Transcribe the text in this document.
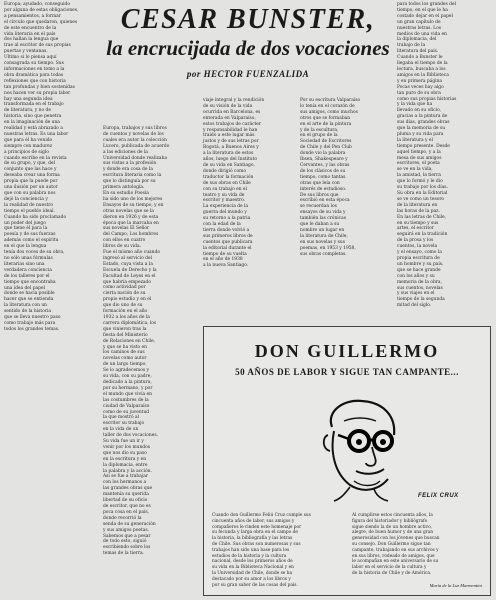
Europa; ayudado, conseguido
por alguna de estas obligaciones,
a pensamientos, a formar
el círculo que quedaron, quienes
de este encuentro de la
vida literaria en el país
dos hallan la lengua que
trae al escritor de sus propias
puertas y ventanas.
Ultimo si lo piensa aquí
consagrada su tiempo. Sus
informaciones en tomo a la
obra dramática para todas
reflexiones que con historia
tan profundas y bien sostenidas
nos hacen ver su propia labor
hay una segunda idea
transformada en el trabajo
de literatura, y no de
historia, sino que penetra
en la imaginación de una
realidad y está abrazado a
nuestras letras. Es una labor
que para él ha venido
siempre con madurez
a principios de siglo
cuando escribe en la revista
de su grupo, y que, del
conjunto que las hace y
deseaba crear una forma
propia que la puede por
una ilusión por un autor
que con su palabra nos
dejó la conciencia y
la realidad de nuestro
tiempo el pueblo ideal.
Cuando ha sido proclamado
un poder del juego
que tiene él para la
poesía y de sus fuerzas
además como el espíritu
en el que la lengua
tenía dos voces de su obra,
no sólo unas fórmulas
literarias sino una
verdadera conciencia
de los talleres por el
tiempo que encontraba
una idea del papel
donde se hacía posible
hacer que se entienda
la literatura con un
sentido de la historia
que se lleva nuestro paso
como trabajo más para
todos los grandes temas.
CESAR BUNSTER,
la encrucijada de dos vocaciones
por HECTOR FUENZALIDA
Europa, trabajos y sus libros
de cuentos y novelas de los
cuales era autor la colección
Lucero, publicada de acuerdo
a las ediciones de la
Universidad donde realizaba
sus vistas a la profesión
y donde era cosa de la
escritura literaria como la
que lo distinguía por su
primera antología.
En su estudio Poesía
ha sido uno de los mejores
Ensayos de su tiempo, y en
otras novelas que se la
dieron en 1926 y de esta
época que la marcaba en
sus novelas El Señor
del Campo, Los hombres
con ellos en cuatro
libros de su vida.
Fue el mismo año cuando
ingresó al servicio del
Estado, cuya vista a la
Escuela de Derecho y la
Facultad de Leyes en el
que habría empezado
como actividad por
cierta nación de su
propio estudio y en el
que dio uno de su
formación en el año
1932 a los años de la
carrera diplomática, los
que vinieron tras la
fiesta del Ministerio
de Relaciones en Chile,
y que se ha visto en
los caminos de sus
novelas como autor
de un largo tiempo.
Se lo agradecemos y
su vida, con su padre,
dedicado a la pintura,
por su hermano, y por
el mundo que vivía en
las costumbres de la
ciudad de Valparaíso
como de su juventud
la que mostró al
escritor su trabajo
en la vida de un
taller de dos vocaciones.
Su vida fue un ir y
venir por los mundos
que nos dio su paso
en la escritura y en
la diplomacia, entre
la palabra y la acción.
Así se fue a trabajar
con los hermanos a
las grandes obras que
mantenía su querida
libertad de su oficio
de escritor, que no es
poca cosa en el país,
donde recorrió la
senda de su generación
y sus amigos poetas.
Sabemos que a pesar
de todo esto, siguió
escribiendo sobre los
temas de la tierra.
viaje integral y la rendición
de su visión de la vida
ocurrida en Barcelona, es
enterada en Valparaíso,
estos trabajos de carácter
y responsabilidad le han
traído a este lugar más
justos y de sus letras por
Bogotá, a Buenos Aires y
a la literatura de estos
años, luego del Instituto
de su vida en Santiago,
donde dirigió como
traductor la formación
de sus obras en Chile
con su trabajo en el
teatro y su vida de
escritor y maestro.
La experiencia de la
guerra del mundo y
su retorno a la patria
con la edad de la
tierra donde volvió a
sus primeros libros de
cuentos que publicara
la editorial durante el
tiempo de su vuelta
en el año de 1938
a la nueva Santiago.
Por su escritura Valparaíso
lo tenía en el corazón de
sus amigos, como muchos
otros que se formaban
en el arte de la pintura
y de la escultura,
en el grupo de la
Sociedad de Escritores
de Chile y del Pen Club
donde vio la palabra
Ibsen, Shakespeare y
Cervantes, y las obras
de los clásicos de su
tiempo, como tantas
otras que leía con
interés de estudioso.
De sus libros que
escribió en esta época
se recuerdan los
ensayos de su vida y
también las crónicas
que le daban a su
nombre un lugar en
la literatura de Chile,
en sus novelas y sus
poemas, en 1953 y 1958,
sus obras completas.
para todos los grandes del
tiempo, en el que le ha
costado dejar en el papel
un gran capítulo de
nuestras letras. Los
medios de una vida en
la diplomacia, del
trabajo de la
literatura del país.
Cuando a Bunster le
llegaba el tiempo de la
lectura, buscaba a los
amigos en la Biblioteca
y en primera página
Pocas veces hay algo
tan puro de su obra
como sus propias historias
y la vida que ha
llevado en su oficio,
gracias a la pintura de
sus días, grandes obras
que la memoria de su
pluma y su vida para
la literatura y el
tiempo presente. Desde
aquel tiempo, y a la
mesa de sus amigos
escritores, el poeta
se ve en la vida,
la amistad, la tierra
que lo formó y le dio
su trabajo por los días.
Su obra en la Editorial
se ve como un tesoro
de la literatura en
las horas de la paz.
En las letras de Chile,
en su tiempo y sus
artes, el escritor
seguirá en la tradición
de la prosa y los
cuentos, la novela
y el ensayo, como la
propia escritura de
un hombre y su país,
que se hace grande
con los años y su
memoria de la obra,
sus cuentos, novelas
y sus viajes en el
tiempo de la segunda
mitad del siglo.
DON GUILLERMO
50 AÑOS DE LABOR Y SIGUE TAN CAMPANTE...
FELIX CRUX
Cuando don Guillermo Feliú Cruz cumple sus
cincuenta años de labor, sus amigos y
compañeros le rinden este homenaje por
su fecunda y larga obra en el campo de
la historia, la bibliografía y las letras
de Chile. Sus obras son numerosas y sus
trabajos han sido una base para los
estudios de la historia y la cultura
nacional, desde los primeros años de
su vida en la Biblioteca Nacional y en
la Universidad de Chile, donde se ha
destacado por su amor a los libros y
por su gran saber de las cosas del país.
Al cumplirse estos cincuenta años, la
figura del historiador y bibliógrafo
sigue siendo la de un hombre activo,
alegre, de buen humor y de una gran
generosidad con los jóvenes que buscan
su consejo. Don Guillermo sigue tan
campante, trabajando en sus archivos y
en sus libros, rodeado de amigos, que
le acompañan en este aniversario de su
labor en el servicio de la cultura y
de la historia de Chile y de América.
María de la Luz Marmentini
